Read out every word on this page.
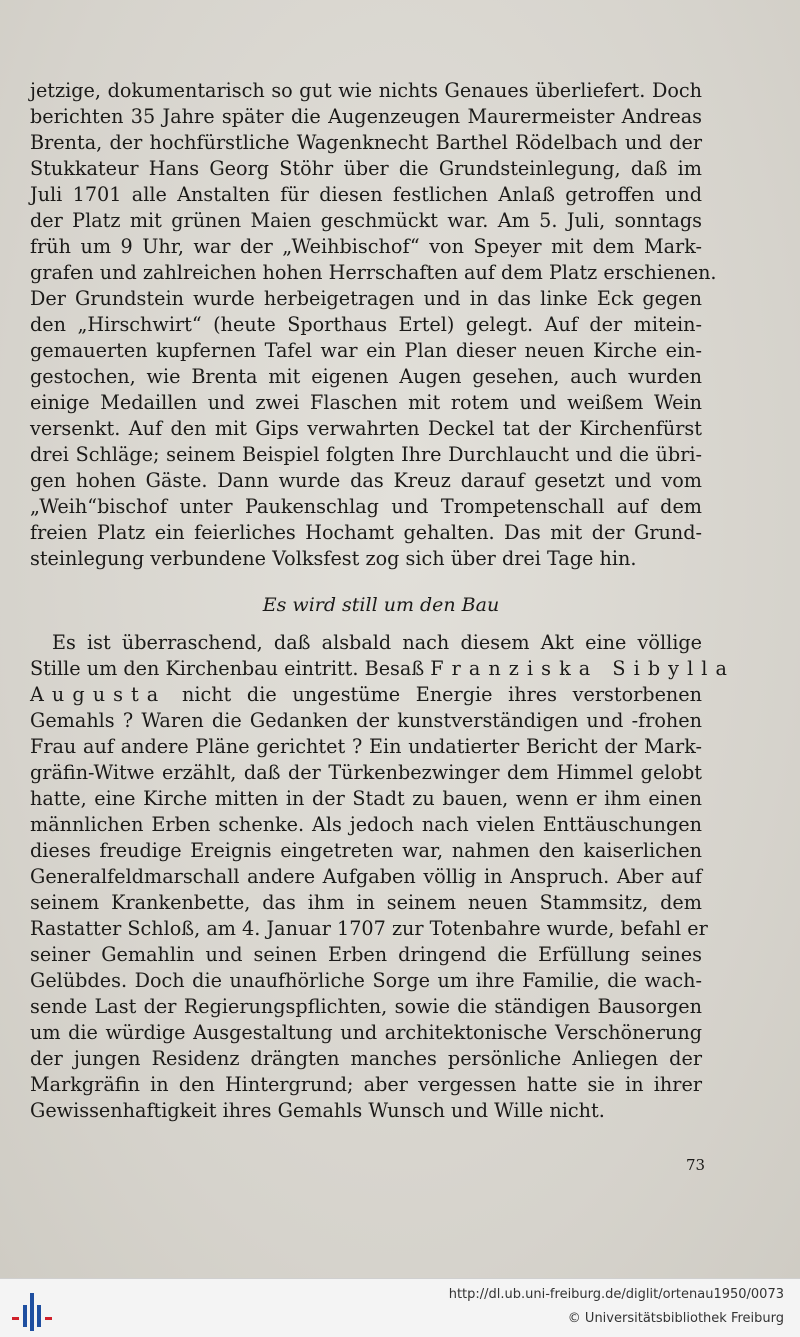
jetzige, dokumentarisch so gut wie nichts Genaues überliefert. Doch
berichten 35 Jahre später die Augenzeugen Maurermeister Andreas
Brenta, der hochfürstliche Wagenknecht Barthel Rödelbach und der
Stukkateur Hans Georg Stöhr über die Grundsteinlegung, daß im
Juli 1701 alle Anstalten für diesen festlichen Anlaß getroffen und
der Platz mit grünen Maien geschmückt war. Am 5. Juli, sonntags
früh um 9 Uhr, war der „Weihbischof“ von Speyer mit dem Mark-
grafen und zahlreichen hohen Herrschaften auf dem Platz erschienen.
Der Grundstein wurde herbeigetragen und in das linke Eck gegen
den „Hirschwirt“ (heute Sporthaus Ertel) gelegt. Auf der mitein-
gemauerten kupfernen Tafel war ein Plan dieser neuen Kirche ein-
gestochen, wie Brenta mit eigenen Augen gesehen, auch wurden
einige Medaillen und zwei Flaschen mit rotem und weißem Wein
versenkt. Auf den mit Gips verwahrten Deckel tat der Kirchenfürst
drei Schläge; seinem Beispiel folgten Ihre Durchlaucht und die übri-
gen hohen Gäste. Dann wurde das Kreuz darauf gesetzt und vom
„Weih“bischof unter Paukenschlag und Trompetenschall auf dem
freien Platz ein feierliches Hochamt gehalten. Das mit der Grund-
steinlegung verbundene Volksfest zog sich über drei Tage hin.
Es wird still um den Bau
Es ist überraschend, daß alsbald nach diesem Akt eine völlige
Stille um den Kirchenbau eintritt. Besaß Franziska Sibylla
Augusta nicht die ungestüme Energie ihres verstorbenen
Gemahls ? Waren die Gedanken der kunstverständigen und -frohen
Frau auf andere Pläne gerichtet ? Ein undatierter Bericht der Mark-
gräfin-Witwe erzählt, daß der Türkenbezwinger dem Himmel gelobt
hatte, eine Kirche mitten in der Stadt zu bauen, wenn er ihm einen
männlichen Erben schenke. Als jedoch nach vielen Enttäuschungen
dieses freudige Ereignis eingetreten war, nahmen den kaiserlichen
Generalfeldmarschall andere Aufgaben völlig in Anspruch. Aber auf
seinem Krankenbette, das ihm in seinem neuen Stammsitz, dem
Rastatter Schloß, am 4. Januar 1707 zur Totenbahre wurde, befahl er
seiner Gemahlin und seinen Erben dringend die Erfüllung seines
Gelübdes. Doch die unaufhörliche Sorge um ihre Familie, die wach-
sende Last der Regierungspflichten, sowie die ständigen Bausorgen
um die würdige Ausgestaltung und architektonische Verschönerung
der jungen Residenz drängten manches persönliche Anliegen der
Markgräfin in den Hintergrund; aber vergessen hatte sie in ihrer
Gewissenhaftigkeit ihres Gemahls Wunsch und Wille nicht.
73
http://dl.ub.uni-freiburg.de/diglit/ortenau1950/0073
© Universitätsbibliothek Freiburg
